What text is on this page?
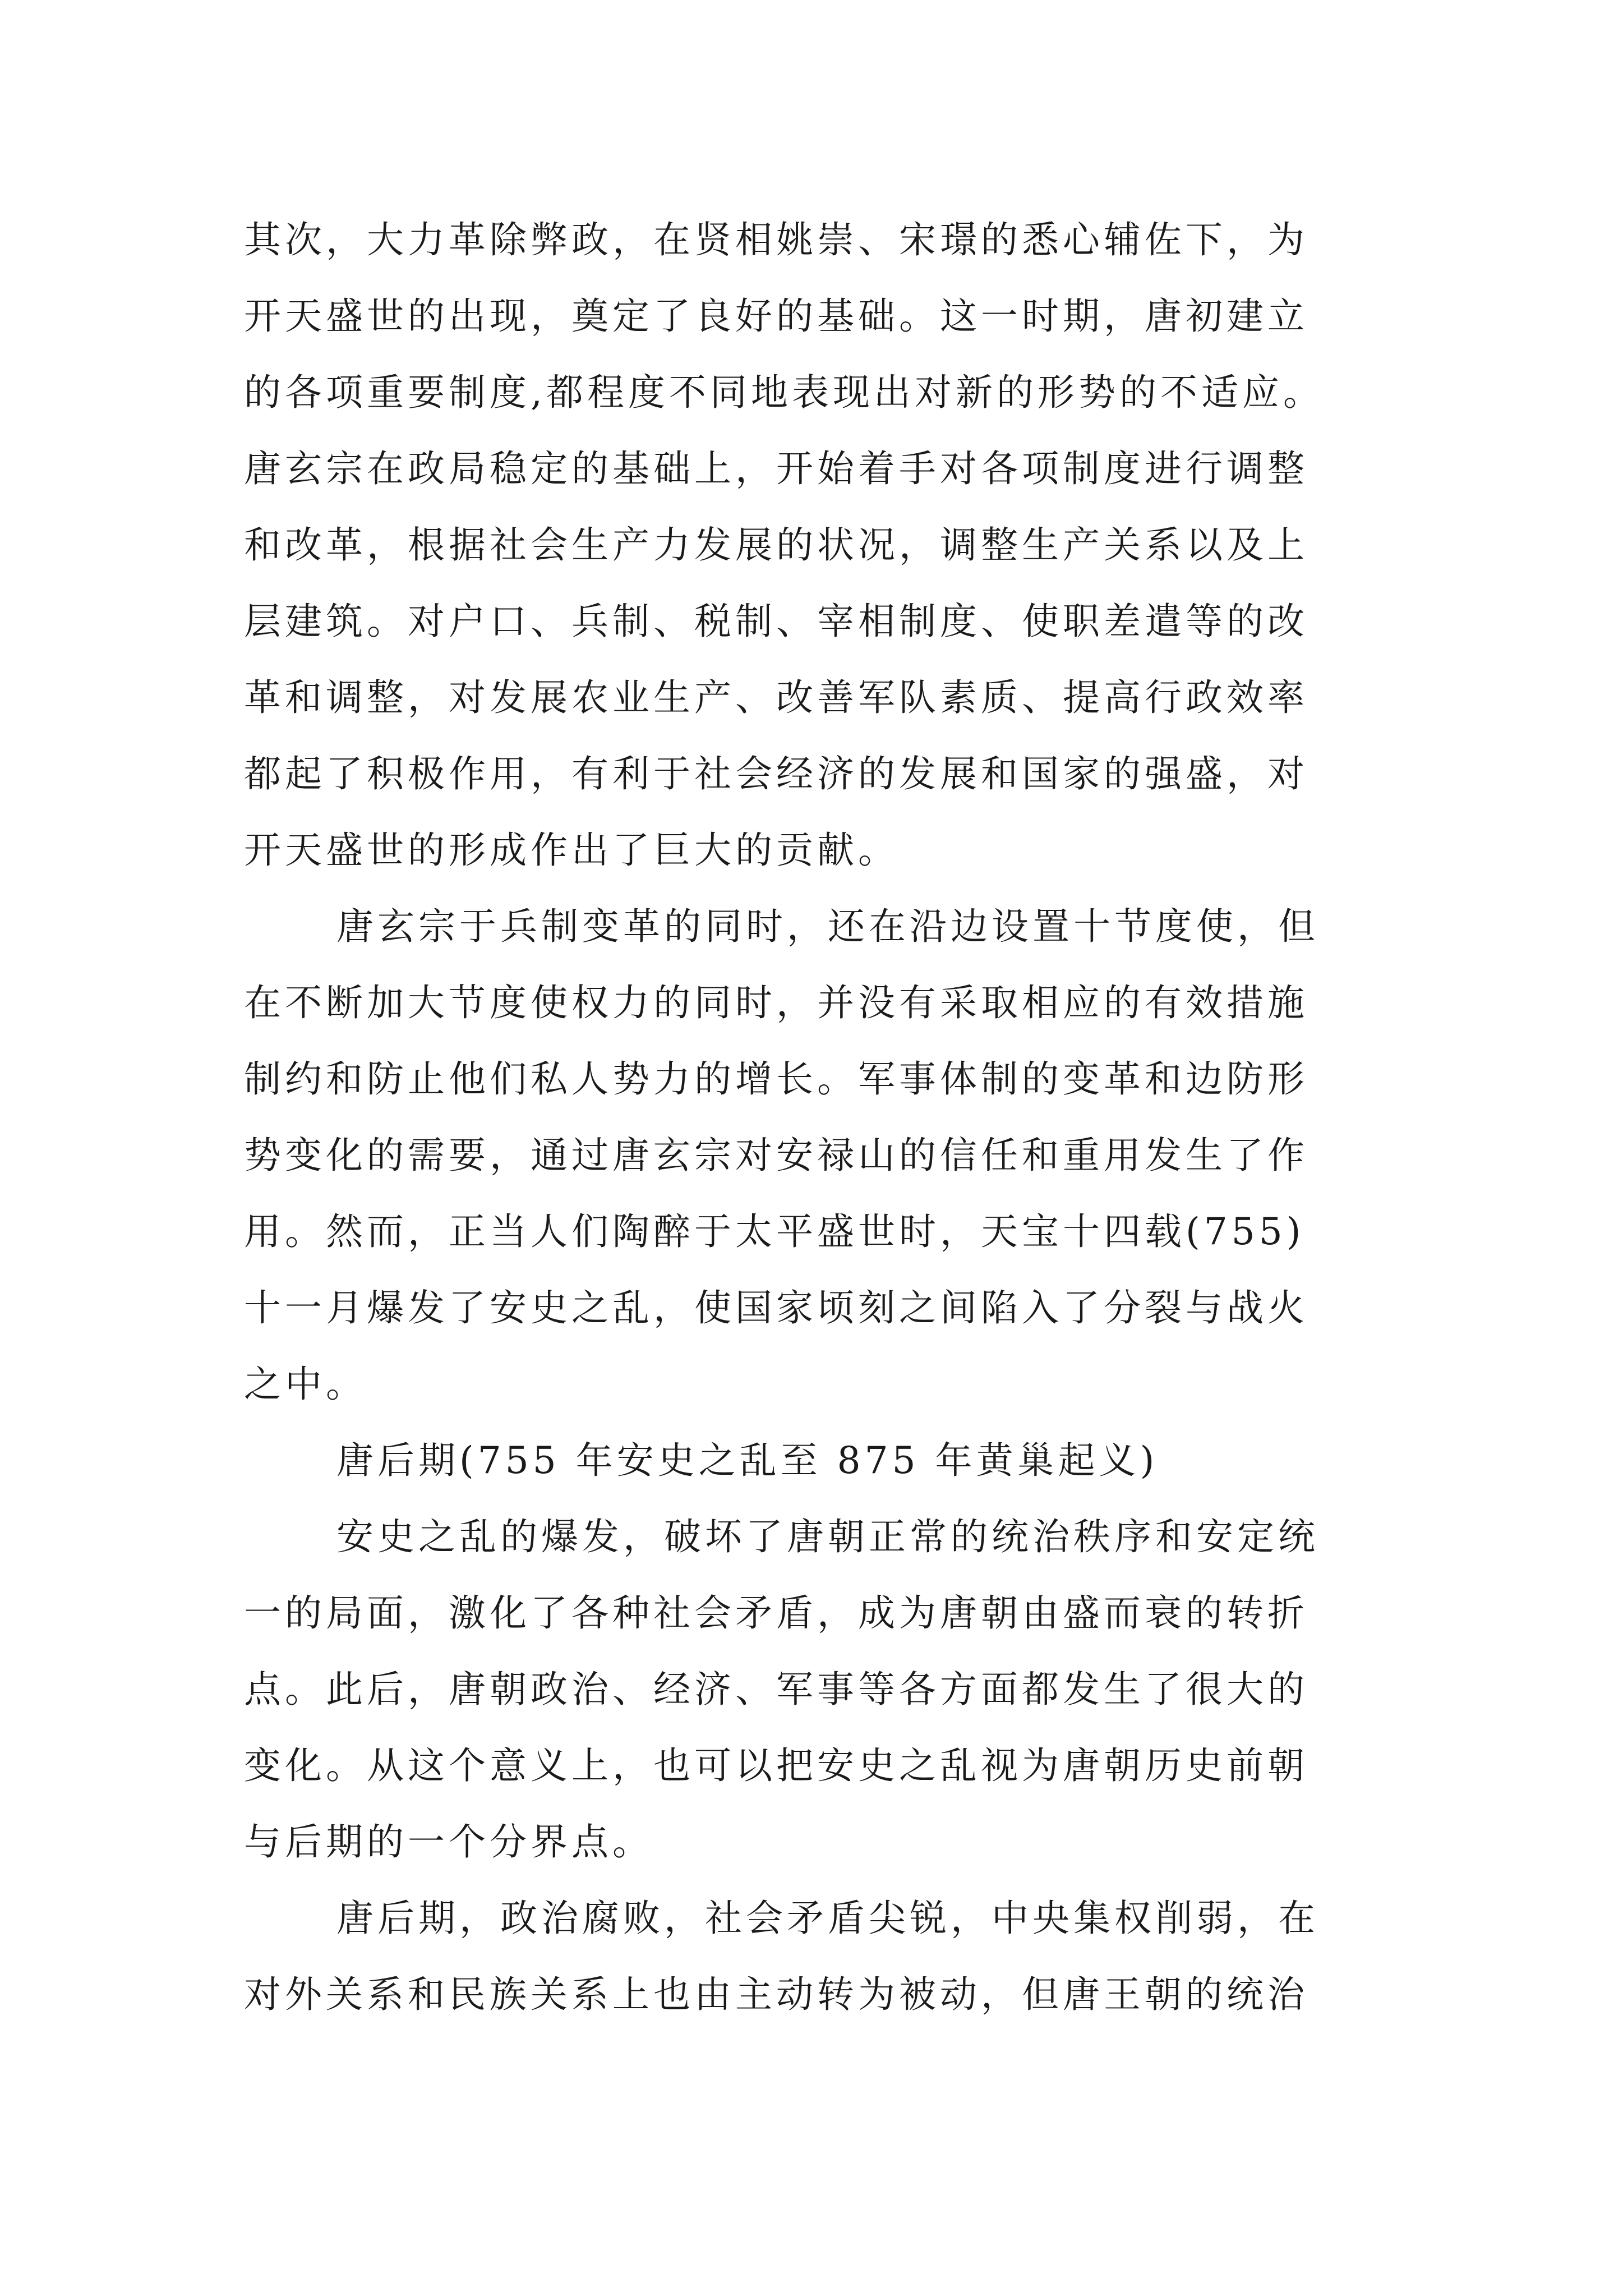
其次，大力革除弊政，在贤相姚崇、宋璟的悉心辅佐下，为
开天盛世的出现，奠定了良好的基础。这一时期，唐初建立
的各项重要制度,都程度不同地表现出对新的形势的不适应。
唐玄宗在政局稳定的基础上，开始着手对各项制度进行调整
和改革，根据社会生产力发展的状况，调整生产关系以及上
层建筑。对户口、兵制、税制、宰相制度、使职差遣等的改
革和调整，对发展农业生产、改善军队素质、提高行政效率
都起了积极作用，有利于社会经济的发展和国家的强盛，对
开天盛世的形成作出了巨大的贡献。
唐玄宗于兵制变革的同时，还在沿边设置十节度使，但
在不断加大节度使权力的同时，并没有采取相应的有效措施
制约和防止他们私人势力的增长。军事体制的变革和边防形
势变化的需要，通过唐玄宗对安禄山的信任和重用发生了作
用。然而，正当人们陶醉于太平盛世时，天宝十四载(755)
十一月爆发了安史之乱，使国家顷刻之间陷入了分裂与战火
之中。
唐后期(755 年安史之乱至 875 年黄巢起义)
安史之乱的爆发，破坏了唐朝正常的统治秩序和安定统
一的局面，激化了各种社会矛盾，成为唐朝由盛而衰的转折
点。此后，唐朝政治、经济、军事等各方面都发生了很大的
变化。从这个意义上，也可以把安史之乱视为唐朝历史前朝
与后期的一个分界点。
唐后期，政治腐败，社会矛盾尖锐，中央集权削弱，在
对外关系和民族关系上也由主动转为被动，但唐王朝的统治
